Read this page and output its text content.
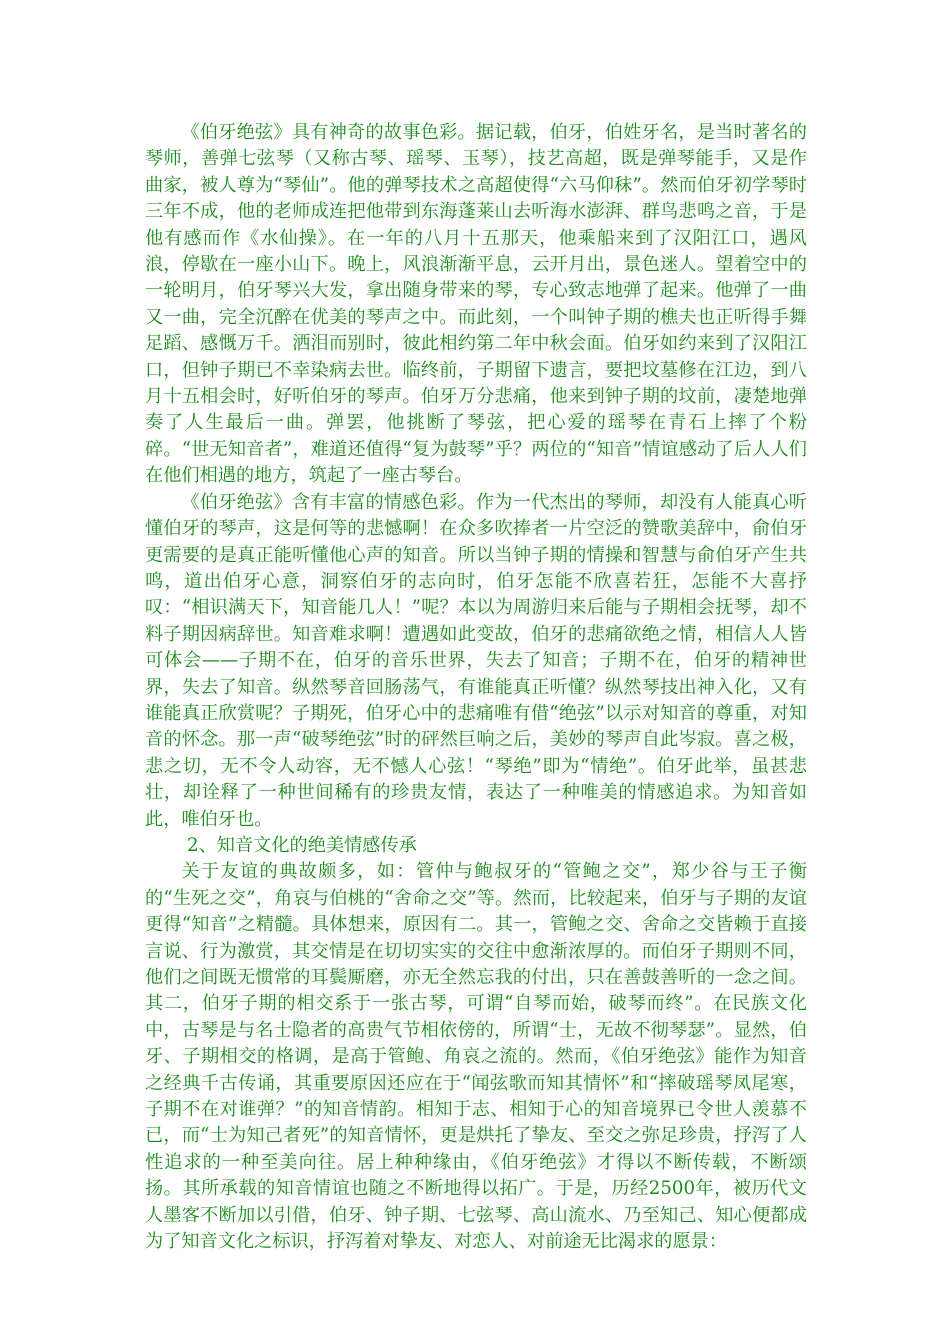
《伯牙绝弦》具有神奇的故事色彩。据记载，伯牙，伯姓牙名，是当时著名的琴师，善弹七弦琴（又称古琴、瑶琴、玉琴），技艺高超，既是弹琴能手，又是作曲家，被人尊为“琴仙”。他的弹琴技术之高超使得“六马仰秣”。然而伯牙初学琴时三年不成，他的老师成连把他带到东海蓬莱山去听海水澎湃、群鸟悲鸣之音，于是他有感而作《水仙操》。在一年的八月十五那天，他乘船来到了汉阳江口，遇风浪，停歇在一座小山下。晚上，风浪渐渐平息，云开月出，景色迷人。望着空中的一轮明月，伯牙琴兴大发，拿出随身带来的琴，专心致志地弹了起来。他弹了一曲又一曲，完全沉醉在优美的琴声之中。而此刻，一个叫钟子期的樵夫也正听得手舞足蹈、感慨万千。洒泪而别时，彼此相约第二年中秋会面。伯牙如约来到了汉阳江口，但钟子期已不幸染病去世。临终前，子期留下遗言，要把坟墓修在江边，到八月十五相会时，好听伯牙的琴声。伯牙万分悲痛，他来到钟子期的坟前，凄楚地弹奏了人生最后一曲。弹罢，他挑断了琴弦，把心爱的瑶琴在青石上摔了个粉碎。“世无知音者”，难道还值得“复为鼓琴”乎？两位的“知音”情谊感动了后人人们在他们相遇的地方，筑起了一座古琴台。

《伯牙绝弦》含有丰富的情感色彩。作为一代杰出的琴师，却没有人能真心听懂伯牙的琴声，这是何等的悲憾啊！在众多吹捧者一片空泛的赞歌美辞中，俞伯牙更需要的是真正能听懂他心声的知音。所以当钟子期的情操和智慧与俞伯牙产生共鸣，道出伯牙心意，洞察伯牙的志向时，伯牙怎能不欣喜若狂，怎能不大喜抒叹：“相识满天下，知音能几人！”呢？本以为周游归来后能与子期相会抚琴，却不料子期因病辞世。知音难求啊！遭遇如此变故，伯牙的悲痛欲绝之情，相信人人皆可体会——子期不在，伯牙的音乐世界，失去了知音；子期不在，伯牙的精神世界，失去了知音。纵然琴音回肠荡气，有谁能真正听懂？纵然琴技出神入化，又有谁能真正欣赏呢？子期死，伯牙心中的悲痛唯有借“绝弦”以示对知音的尊重，对知音的怀念。那一声“破琴绝弦”时的砰然巨响之后，美妙的琴声自此岑寂。喜之极，悲之切，无不令人动容，无不憾人心弦！“琴绝”即为“情绝”。伯牙此举，虽甚悲壮，却诠释了一种世间稀有的珍贵友情，表达了一种唯美的情感追求。为知音如此，唯伯牙也。

2、知音文化的绝美情感传承

关于友谊的典故颇多，如：管仲与鲍叔牙的“管鲍之交”，郑少谷与王子衡的“生死之交”，角哀与伯桃的“舍命之交”等。然而，比较起来，伯牙与子期的友谊更得“知音”之精髓。具体想来，原因有二。其一，管鲍之交、舍命之交皆赖于直接言说、行为激赏，其交情是在切切实实的交往中愈渐浓厚的。而伯牙子期则不同，他们之间既无惯常的耳鬓厮磨，亦无全然忘我的付出，只在善鼓善听的一念之间。其二，伯牙子期的相交系于一张古琴，可谓“自琴而始，破琴而终”。在民族文化中，古琴是与名士隐者的高贵气节相依傍的，所谓“士，无故不彻琴瑟”。显然，伯牙、子期相交的格调，是高于管鲍、角哀之流的。然而，《伯牙绝弦》能作为知音之经典千古传诵，其重要原因还应在于“闻弦歌而知其情怀”和“摔破瑶琴凤尾寒，子期不在对谁弹？”的知音情韵。相知于志、相知于心的知音境界已令世人羡慕不已，而“士为知己者死”的知音情怀，更是烘托了挚友、至交之弥足珍贵，抒泻了人性追求的一种至美向往。居上种种缘由，《伯牙绝弦》才得以不断传载，不断颂扬。其所承载的知音情谊也随之不断地得以拓广。于是，历经2500年，被历代文人墨客不断加以引借，伯牙、钟子期、七弦琴、高山流水、乃至知己、知心便都成为了知音文化之标识，抒泻着对挚友、对恋人、对前途无比渴求的愿景：
